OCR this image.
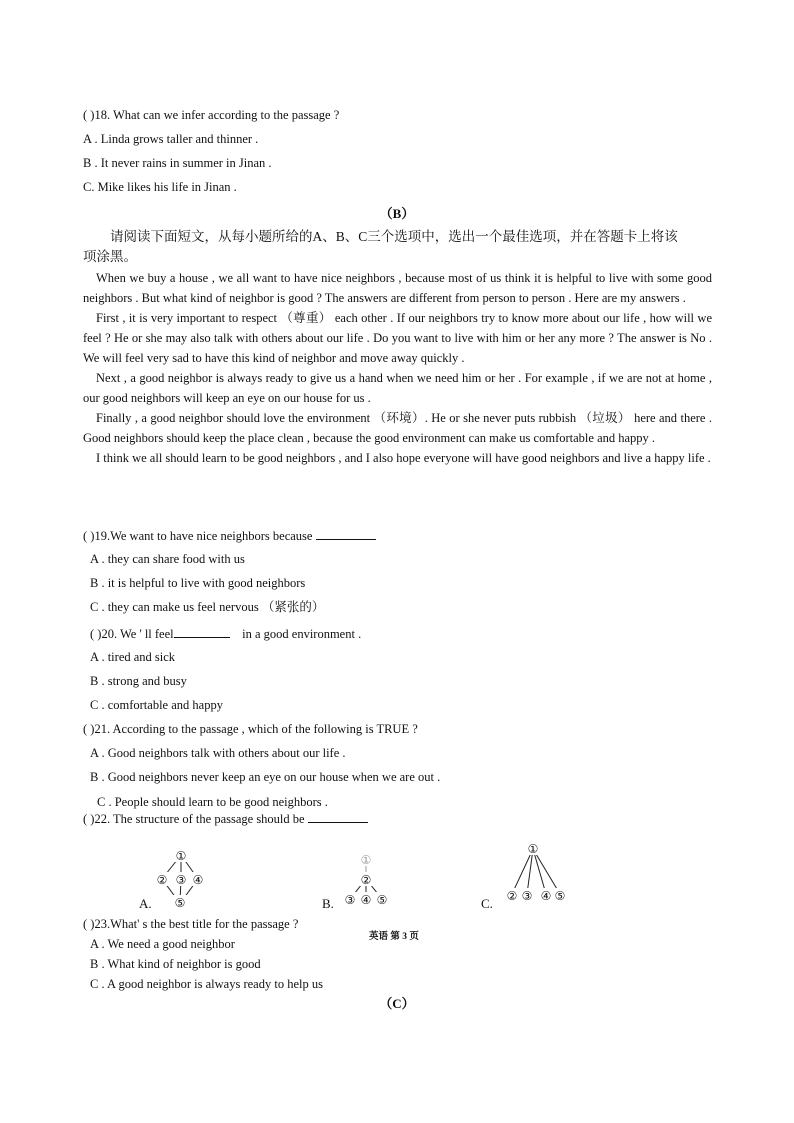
( )18. What can we infer according to the passage ?
A . Linda grows taller and thinner .
B . It never rains in summer in Jinan .
C. Mike likes his life in Jinan .
（B）
请阅读下面短文，从每小题所给的A、B、C三个选项中，选出一个最佳选项，并在答题卡上将该
项涂黑。

When we buy a house , we all want to have nice neighbors , because most of us think it is helpful to live with some good neighbors . But what kind of neighbor is good ? The answers are different from person to person . Here are my answers .

First , it is very important to respect （尊重） each other . If our neighbors try to know more about our life , how will we feel ? He or she may also talk with others about our life . Do you want to live with him or her any more ? The answer is No . We will feel very sad to have this kind of neighbor and move away quickly .

Next , a good neighbor is always ready to give us a hand when we need him or her . For example , if we are not at home , our good neighbors will keep an eye on our house for us .

Finally , a good neighbor should love the environment （环境）. He or she never puts rubbish （垃圾） here and there . Good neighbors should keep the place clean , because the good environment can make us comfortable and happy .

I think we all should learn to be good neighbors , and I also hope everyone will have good neighbors and live a happy life .

( )19.We want to have nice neighbors because
A . they can share food with us
B . it is helpful to live with good neighbors
C . they can make us feel nervous （紧张的）
( )20. We ' ll feel	in a good environment .
A . tired and sick
B . strong and busy
C . comfortable and happy
( )21. According to the passage , which of the following is TRUE ?
A . Good neighbors talk with others about our life .
B . Good neighbors never keep an eye on our house when we are out .
C . People should learn to be good neighbors .
( )22. The structure of the passage should be
①
② ③ ④
⑤
A.
①
②
③ ④ ⑤
B.
①
② ③ ④ ⑤
C.
( )23.What' s the best title for the passage ?
英语 第 3 页
A . We need a good neighbor
B . What kind of neighbor is good
C . A good neighbor is always ready to help us
（C）
